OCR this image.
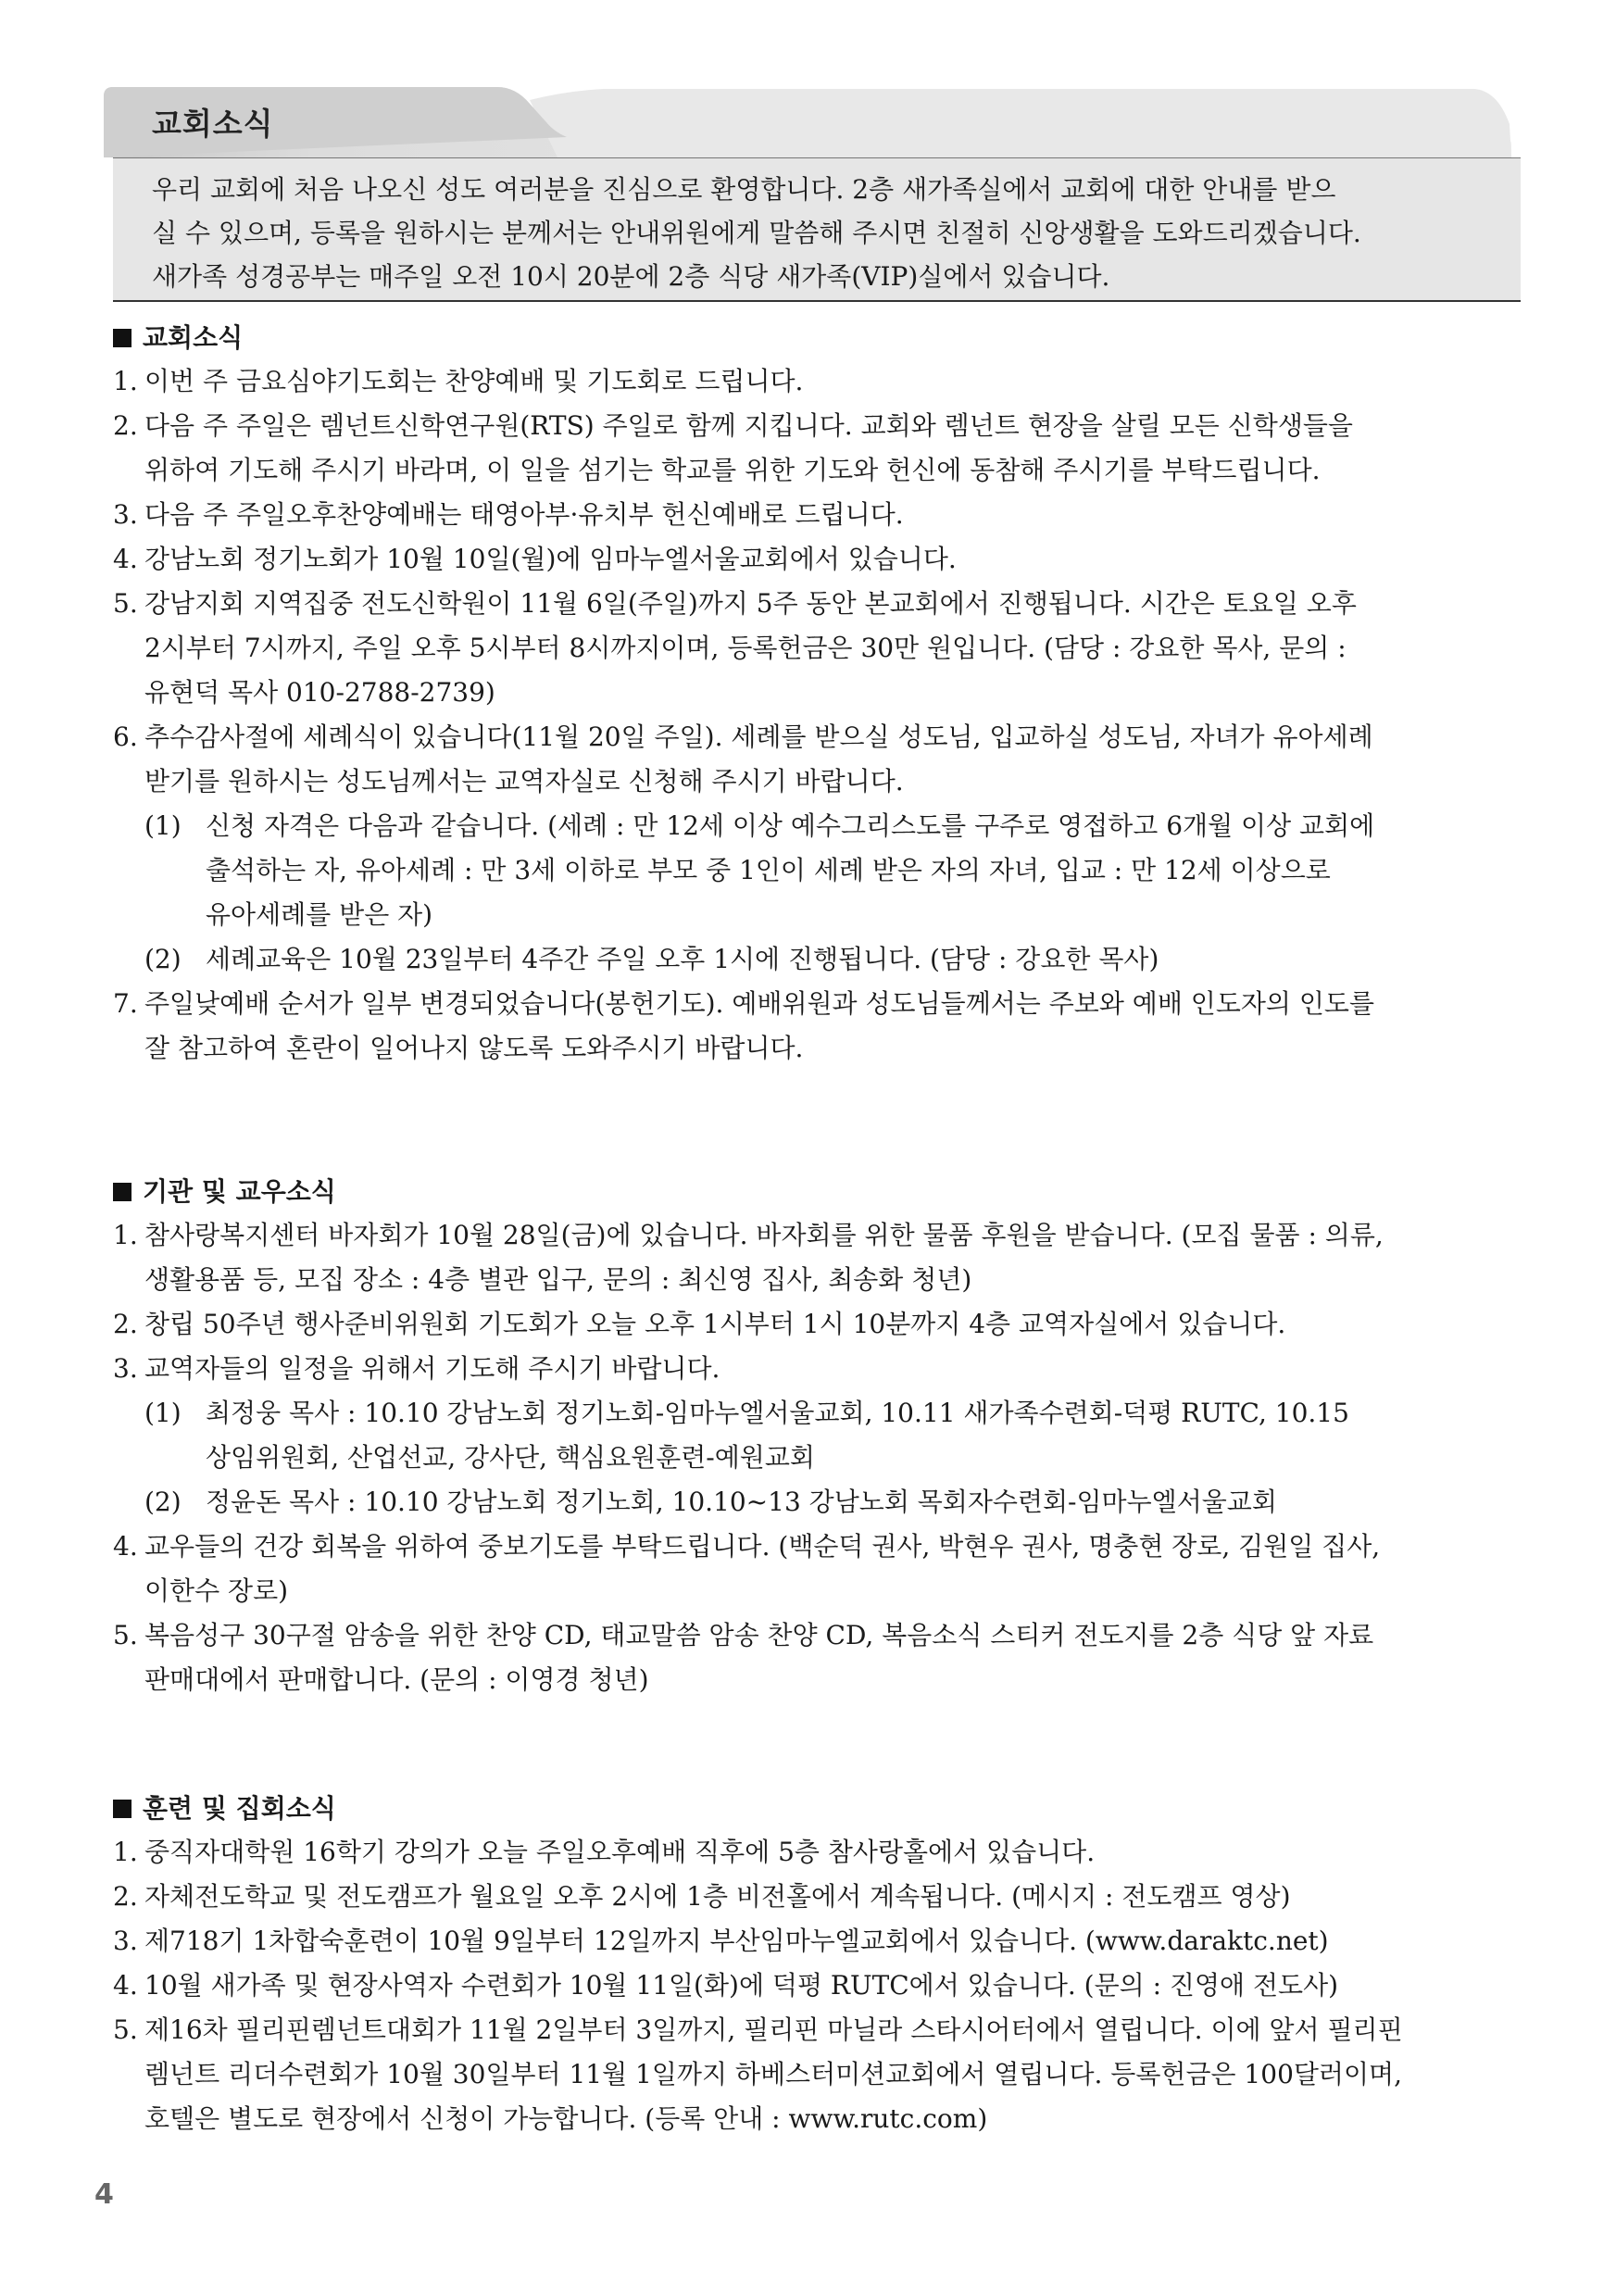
교회소식

우리 교회에 처음 나오신 성도 여러분을 진심으로 환영합니다. 2층 새가족실에서 교회에 대한 안내를 받으

실 수 있으며, 등록을 원하시는 분께서는 안내위원에게 말씀해 주시면 친절히 신앙생활을 도와드리겠습니다.

새가족 성경공부는 매주일 오전 10시 20분에 2층 식당 새가족(VIP)실에서 있습니다.

교회소식
1. 이번 주 금요심야기도회는 찬양예배 및 기도회로 드립니다.
2. 다음 주 주일은 렘넌트신학연구원(RTS) 주일로 함께 지킵니다. 교회와 렘넌트 현장을 살릴 모든 신학생들을
위하여 기도해 주시기 바라며, 이 일을 섬기는 학교를 위한 기도와 헌신에 동참해 주시기를 부탁드립니다.
3. 다음 주 주일오후찬양예배는 태영아부·유치부 헌신예배로 드립니다.
4. 강남노회 정기노회가 10월 10일(월)에 임마누엘서울교회에서 있습니다.
5. 강남지회 지역집중 전도신학원이 11월 6일(주일)까지 5주 동안 본교회에서 진행됩니다. 시간은 토요일 오후
2시부터 7시까지, 주일 오후 5시부터 8시까지이며, 등록헌금은 30만 원입니다. (담당 : 강요한 목사, 문의 :
유현덕 목사 010-2788-2739)
6. 추수감사절에 세례식이 있습니다(11월 20일 주일). 세례를 받으실 성도님, 입교하실 성도님, 자녀가 유아세례
받기를 원하시는 성도님께서는 교역자실로 신청해 주시기 바랍니다.
(1) 신청 자격은 다음과 같습니다. (세례 : 만 12세 이상 예수그리스도를 구주로 영접하고 6개월 이상 교회에
출석하는 자, 유아세례 : 만 3세 이하로 부모 중 1인이 세례 받은 자의 자녀, 입교 : 만 12세 이상으로
유아세례를 받은 자)
(2) 세례교육은 10월 23일부터 4주간 주일 오후 1시에 진행됩니다. (담당 : 강요한 목사)
7. 주일낮예배 순서가 일부 변경되었습니다(봉헌기도). 예배위원과 성도님들께서는 주보와 예배 인도자의 인도를
잘 참고하여 혼란이 일어나지 않도록 도와주시기 바랍니다.
기관 및 교우소식
1. 참사랑복지센터 바자회가 10월 28일(금)에 있습니다. 바자회를 위한 물품 후원을 받습니다. (모집 물품 : 의류,
생활용품 등, 모집 장소 : 4층 별관 입구, 문의 : 최신영 집사, 최송화 청년)
2. 창립 50주년 행사준비위원회 기도회가 오늘 오후 1시부터 1시 10분까지 4층 교역자실에서 있습니다.
3. 교역자들의 일정을 위해서 기도해 주시기 바랍니다.
(1) 최정웅 목사 : 10.10 강남노회 정기노회-임마누엘서울교회, 10.11 새가족수련회-덕평 RUTC, 10.15
상임위원회, 산업선교, 강사단, 핵심요원훈련-예원교회
(2) 정윤돈 목사 : 10.10 강남노회 정기노회, 10.10~13 강남노회 목회자수련회-임마누엘서울교회
4. 교우들의 건강 회복을 위하여 중보기도를 부탁드립니다. (백순덕 권사, 박현우 권사, 명충현 장로, 김원일 집사,
이한수 장로)
5. 복음성구 30구절 암송을 위한 찬양 CD, 태교말씀 암송 찬양 CD, 복음소식 스티커 전도지를 2층 식당 앞 자료
판매대에서 판매합니다. (문의 : 이영경 청년)
훈련 및 집회소식
1. 중직자대학원 16학기 강의가 오늘 주일오후예배 직후에 5층 참사랑홀에서 있습니다.
2. 자체전도학교 및 전도캠프가 월요일 오후 2시에 1층 비전홀에서 계속됩니다. (메시지 : 전도캠프 영상)
3. 제718기 1차합숙훈련이 10월 9일부터 12일까지 부산임마누엘교회에서 있습니다. (www.daraktc.net)
4. 10월 새가족 및 현장사역자 수련회가 10월 11일(화)에 덕평 RUTC에서 있습니다. (문의 : 진영애 전도사)
5. 제16차 필리핀렘넌트대회가 11월 2일부터 3일까지, 필리핀 마닐라 스타시어터에서 열립니다. 이에 앞서 필리핀
렘넌트 리더수련회가 10월 30일부터 11월 1일까지 하베스터미션교회에서 열립니다. 등록헌금은 100달러이며,
호텔은 별도로 현장에서 신청이 가능합니다. (등록 안내 : www.rutc.com)
4
